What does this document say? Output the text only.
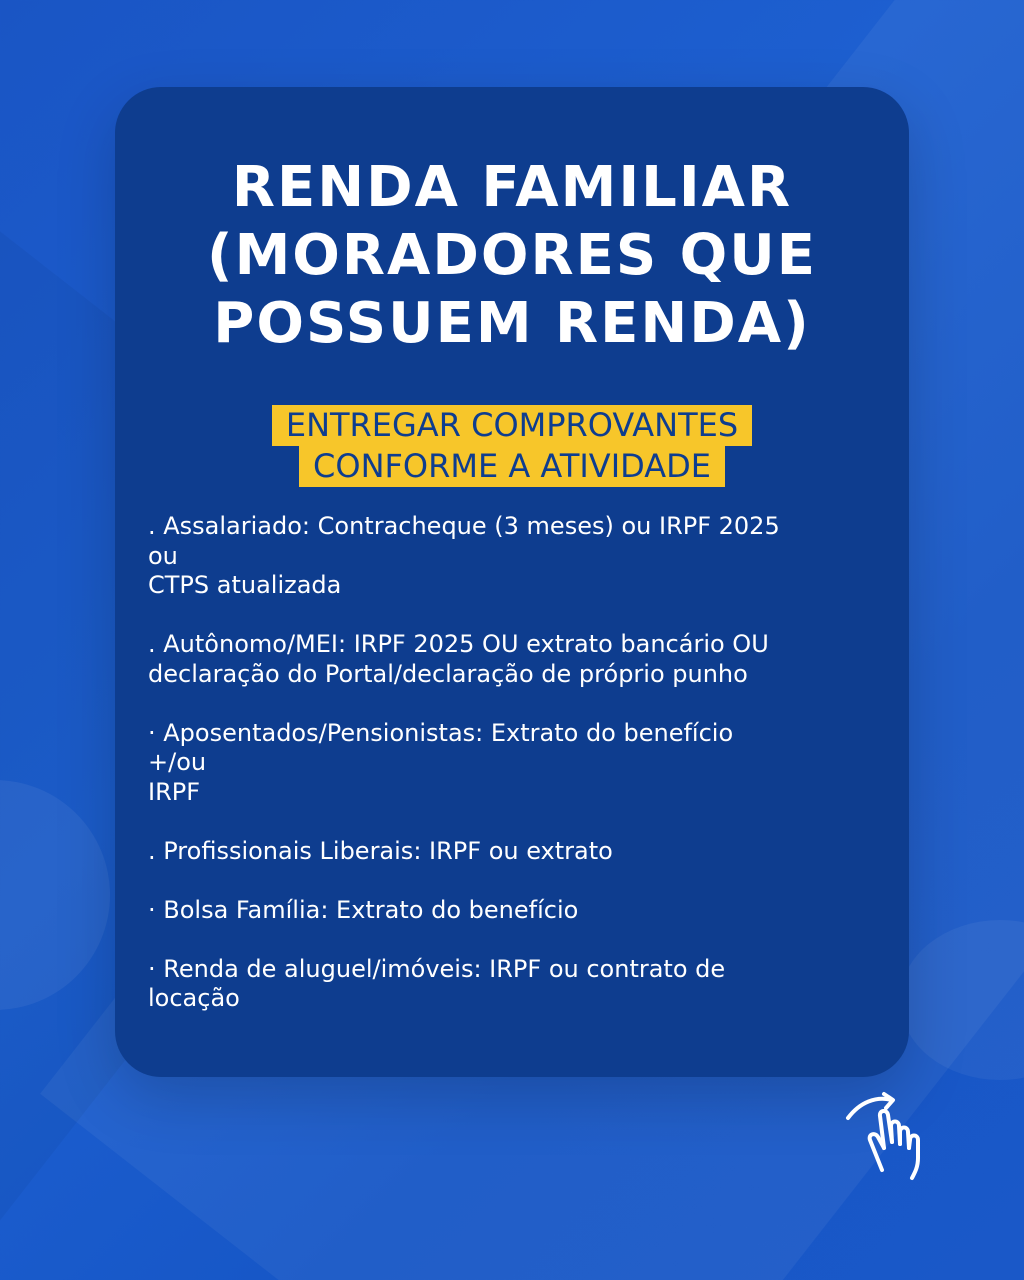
RENDA FAMILIAR
(MORADORES QUE
POSSUEM RENDA)
ENTREGAR COMPROVANTES
CONFORME A ATIVIDADE
. Assalariado: Contracheque (3 meses) ou IRPF 2025
ou
CTPS atualizada
. Autônomo/MEI: IRPF 2025 OU extrato bancário OU
declaração do Portal/declaração de próprio punho
· Aposentados/Pensionistas: Extrato do benefício
+/ou
IRPF
. Profissionais Liberais: IRPF ou extrato
· Bolsa Família: Extrato do benefício
· Renda de aluguel/imóveis: IRPF ou contrato de
locação
